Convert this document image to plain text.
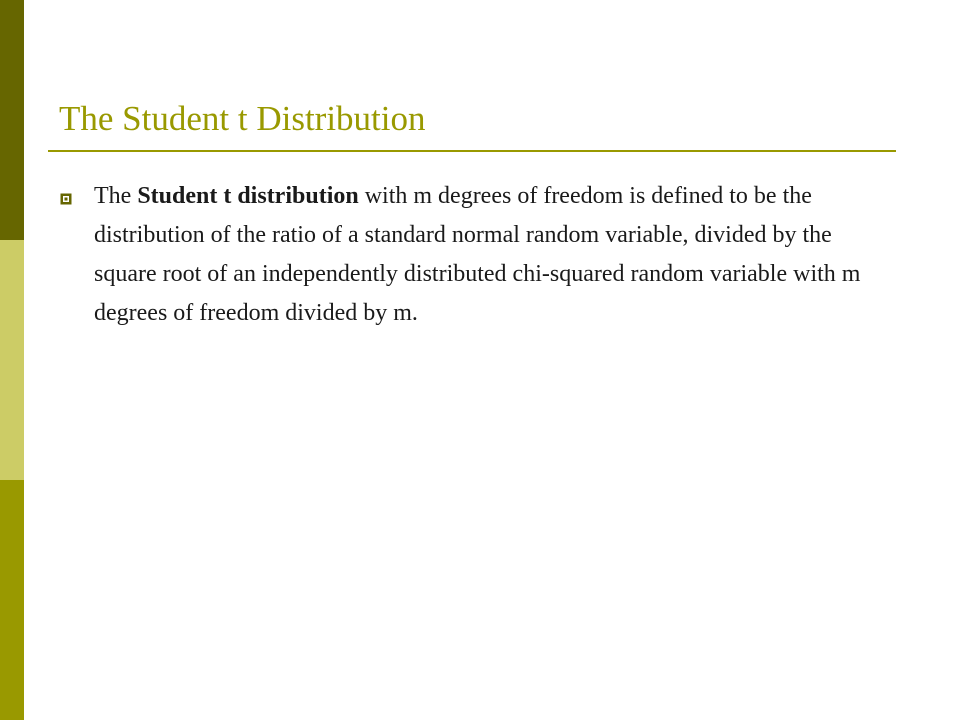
The Student t Distribution
The Student t distribution with m degrees of freedom is defined to be the distribution of the ratio of a standard normal random variable, divided by the square root of an independently distributed chi-squared random variable with m degrees of freedom divided by m.
